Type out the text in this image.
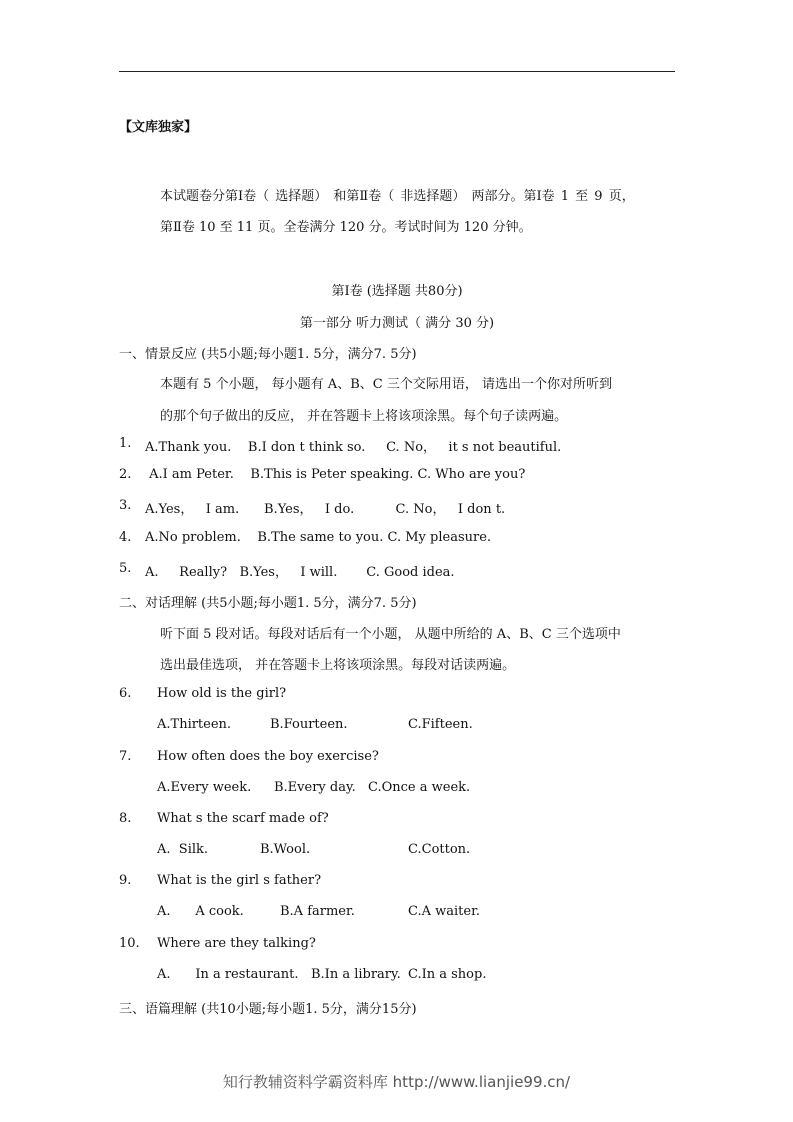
【文库独家】
本试题卷分第Ⅰ卷（ 选择题） 和第Ⅱ卷（ 非选择题） 两部分。第Ⅰ卷 1 至 9 页，
第Ⅱ卷 10 至 11 页。全卷满分 120 分。考试时间为 120 分钟。
第Ⅰ卷 (选择题 共80分)
第一部分 听力测试（ 满分 30 分)
一、情景反应 (共5小题;每小题1. 5分，满分7. 5分)
本题有 5 个小题， 每小题有 A、B、C 三个交际用语， 请选出一个你对所听到
的那个句子做出的反应， 并在答题卡上将该项涂黑。每个句子读两遍。
1. A.Thank you.    B.I don t think so.     C. No，   it s not beautiful.
2. A.I am Peter.    B.This is Peter speaking. C. Who are you?
3. A.Yes，   I am.      B.Yes，   I do.          C. No，   I don t.
4. A.No problem.    B.The same to you. C. My pleasure.
5. A.     Really?   B.Yes，   I will.       C. Good idea.
二、对话理解 (共5小题;每小题1. 5分，满分7. 5分)
听下面 5 段对话。每段对话后有一个小题， 从题中所给的 A、B、C 三个选项中
选出最佳选项， 并在答题卡上将该项涂黑。每段对话读两遍。
6. How old is the girl?
A.Thirteen.	B.Fourteen.	C.Fifteen.
7. How often does the boy exercise?
A.Every week. B.Every day. C.Once a week.
8. What s the scarf made of?
A.  Silk.	B.Wool.	C.Cotton.
9. What is the girl s father?
A.      A cook.	B.A farmer.	C.A waiter.
10. Where are they talking?
A.      In a restaurant. B.In a library. C.In a shop.
三、语篇理解 (共10小题;每小题1. 5分，满分15分)
知行教辅资料学霸资料库 http://www.lianjie99.cn/
